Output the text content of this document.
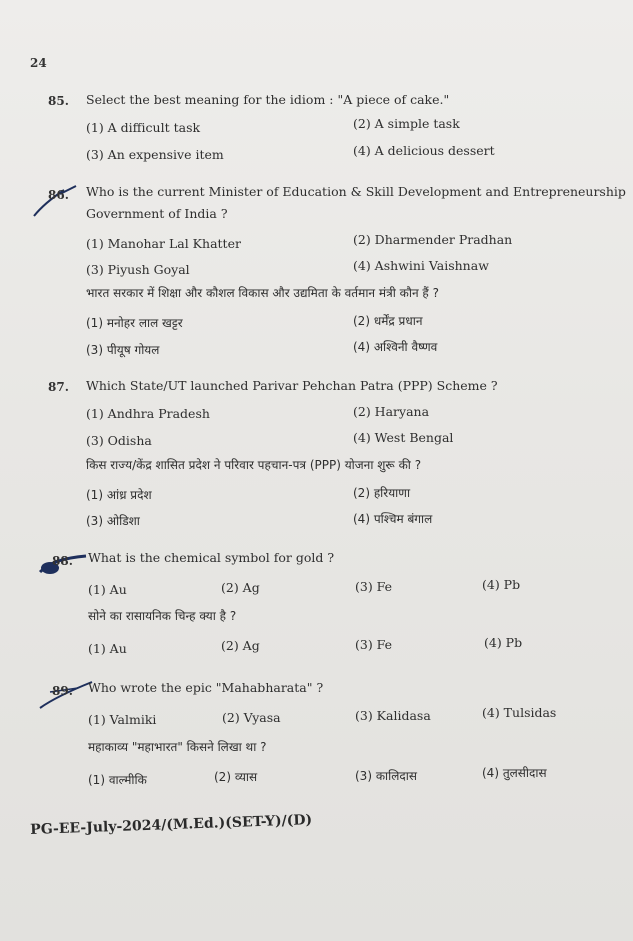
24
85. Select the best meaning for the idiom : "A piece of cake."
(1) A difficult task	(2) A simple task
(3) An expensive item	(4) A delicious dessert
86. Who is the current Minister of Education & Skill Development and Entrepreneurship
Government of India ?
(1) Manohar Lal Khatter	(2) Dharmender Pradhan
(3) Piyush Goyal	(4) Ashwini Vaishnaw
भारत सरकार में शिक्षा और कौशल विकास और उद्यमिता के वर्तमान मंत्री कौन हैं ?
(1) मनोहर लाल खट्टर	(2) धर्मेंद्र प्रधान
(3) पीयूष गोयल	(4) अश्विनी वैष्णव
87. Which State/UT launched Parivar Pehchan Patra (PPP) Scheme ?
(1) Andhra Pradesh	(2) Haryana
(3) Odisha	(4) West Bengal
किस राज्य/केंद्र शासित प्रदेश ने परिवार पहचान-पत्र (PPP) योजना शुरू की ?
(1) आंध्र प्रदेश	(2) हरियाणा
(3) ओडिशा	(4) पश्चिम बंगाल
88. What is the chemical symbol for gold ?
(1) Au	(2) Ag	(3) Fe	(4) Pb
सोने का रासायनिक चिन्ह क्या है ?
(1) Au	(2) Ag	(3) Fe	(4) Pb
89. Who wrote the epic "Mahabharata" ?
(1) Valmiki	(2) Vyasa	(3) Kalidasa	(4) Tulsidas
महाकाव्य "महाभारत" किसने लिखा था ?
(1) वाल्मीकि	(2) व्यास	(3) कालिदास	(4) तुलसीदास
PG-EE-July-2024/(M.Ed.)(SET-Y)/(D)
